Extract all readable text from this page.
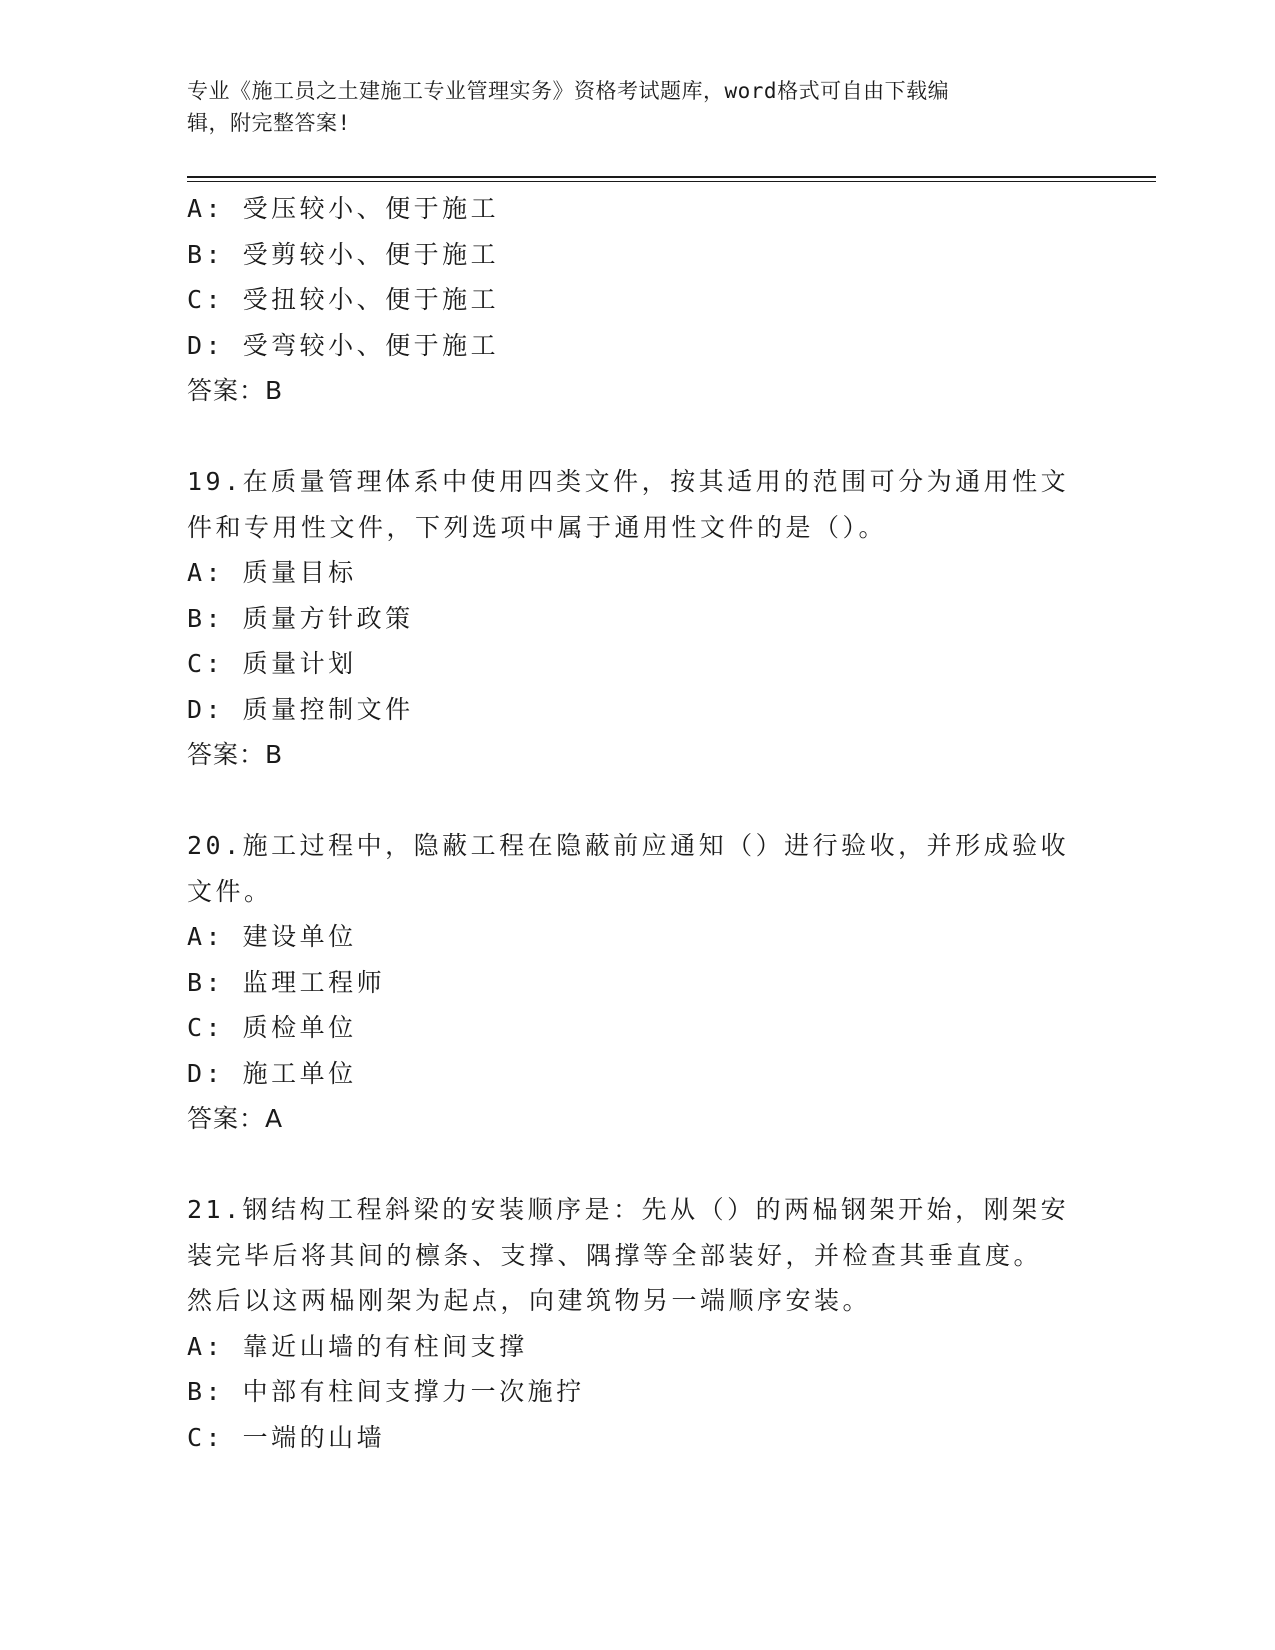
专业《施工员之土建施工专业管理实务》资格考试题库，word格式可自由下载编
辑，附完整答案!
A: 受压较小、便于施工
B: 受剪较小、便于施工
C: 受扭较小、便于施工
D: 受弯较小、便于施工
答案：B
19.在质量管理体系中使用四类文件，按其适用的范围可分为通用性文
件和专用性文件，下列选项中属于通用性文件的是（）。
A: 质量目标
B: 质量方针政策
C: 质量计划
D: 质量控制文件
答案：B
20.施工过程中，隐蔽工程在隐蔽前应通知（）进行验收，并形成验收
文件。
A: 建设单位
B: 监理工程师
C: 质检单位
D: 施工单位
答案：A
21.钢结构工程斜梁的安装顺序是：先从（）的两榀钢架开始，刚架安
装完毕后将其间的檩条、支撑、隅撑等全部装好，并检查其垂直度。
然后以这两榀刚架为起点，向建筑物另一端顺序安装。
A: 靠近山墙的有柱间支撑
B: 中部有柱间支撑力一次施拧
C: 一端的山墙
